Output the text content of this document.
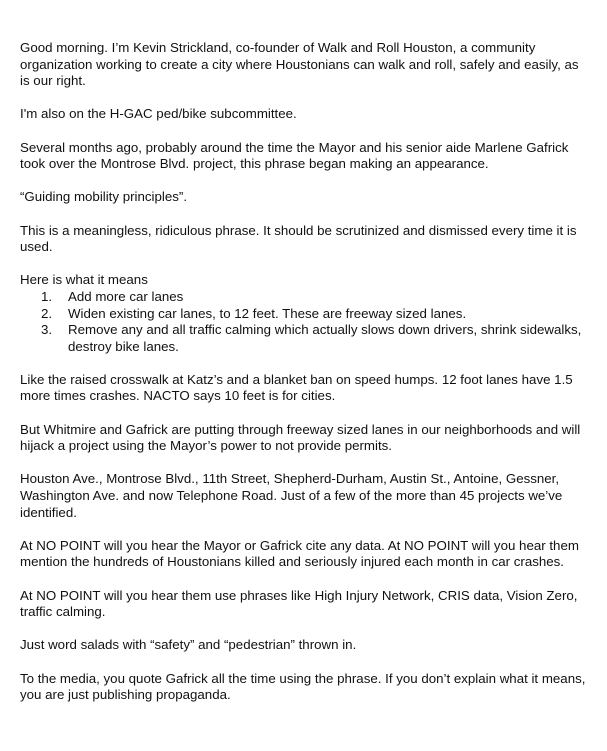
Good morning. I’m Kevin Strickland, co-founder of Walk and Roll Houston, a community organization working to create a city where Houstonians can walk and roll, safely and easily, as is our right.

I'm also on the H-GAC ped/bike subcommittee.

Several months ago, probably around the time the Mayor and his senior aide Marlene Gafrick took over the Montrose Blvd. project, this phrase began making an appearance.

“Guiding mobility principles”.

This is a meaningless, ridiculous phrase. It should be scrutinized and dismissed every time it is used.

Here is what it means

1. Add more car lanes
2. Widen existing car lanes, to 12 feet. These are freeway sized lanes.
3. Remove any and all traffic calming which actually slows down drivers, shrink sidewalks, destroy bike lanes.

Like the raised crosswalk at Katz’s and a blanket ban on speed humps. 12 foot lanes have 1.5 more times crashes. NACTO says 10 feet is for cities.

But Whitmire and Gafrick are putting through freeway sized lanes in our neighborhoods and will hijack a project using the Mayor’s power to not provide permits.

Houston Ave., Montrose Blvd., 11th Street, Shepherd-Durham, Austin St., Antoine, Gessner, Washington Ave. and now Telephone Road. Just of a few of the more than 45 projects we’ve identified.

At NO POINT will you hear the Mayor or Gafrick cite any data. At NO POINT will you hear them mention the hundreds of Houstonians killed and seriously injured each month in car crashes.

At NO POINT will you hear them use phrases like High Injury Network, CRIS data, Vision Zero, traffic calming.

Just word salads with “safety” and “pedestrian” thrown in.

To the media, you quote Gafrick all the time using the phrase. If you don’t explain what it means, you are just publishing propaganda.
